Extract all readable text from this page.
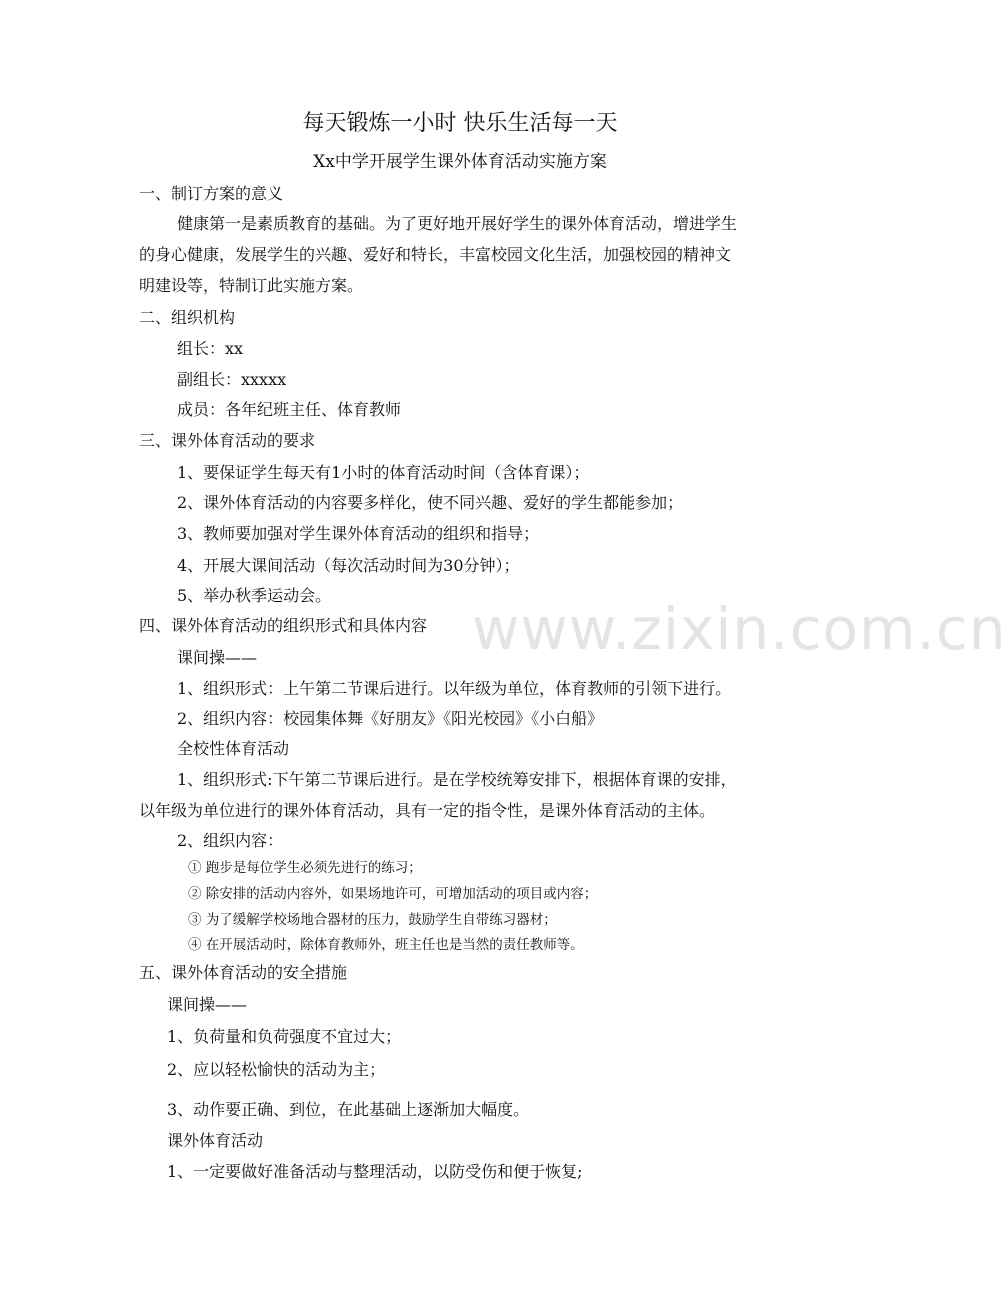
每天锻炼一小时 快乐生活每一天
Xx中学开展学生课外体育活动实施方案
一、制订方案的意义
健康第一是素质教育的基础。为了更好地开展好学生的课外体育活动，增进学生
的身心健康，发展学生的兴趣、爱好和特长，丰富校园文化生活，加强校园的精神文
明建设等，特制订此实施方案。
二、组织机构
组长：xx
副组长：xxxxx
成员：各年纪班主任、体育教师
三、课外体育活动的要求
1、要保证学生每天有1小时的体育活动时间（含体育课）；
2、课外体育活动的内容要多样化，使不同兴趣、爱好的学生都能参加；
3、教师要加强对学生课外体育活动的组织和指导；
4、开展大课间活动（每次活动时间为30分钟）；
5、举办秋季运动会。
四、课外体育活动的组织形式和具体内容
课间操——
1、组织形式：上午第二节课后进行。以年级为单位，体育教师的引领下进行。
2、组织内容：校园集体舞《好朋友》《阳光校园》《小白船》
全校性体育活动
1、组织形式:下午第二节课后进行。是在学校统筹安排下，根据体育课的安排，
以年级为单位进行的课外体育活动，具有一定的指令性，是课外体育活动的主体。
2、组织内容：
① 跑步是每位学生必须先进行的练习；
② 除安排的活动内容外，如果场地许可，可增加活动的项目或内容；
③ 为了缓解学校场地合器材的压力，鼓励学生自带练习器材；
④ 在开展活动时，除体育教师外，班主任也是当然的责任教师等。
五、课外体育活动的安全措施
课间操——
1、负荷量和负荷强度不宜过大；
2、应以轻松愉快的活动为主；
3、动作要正确、到位，在此基础上逐渐加大幅度。
课外体育活动
1、一定要做好准备活动与整理活动，以防受伤和便于恢复;
www.zixin.com.cn
